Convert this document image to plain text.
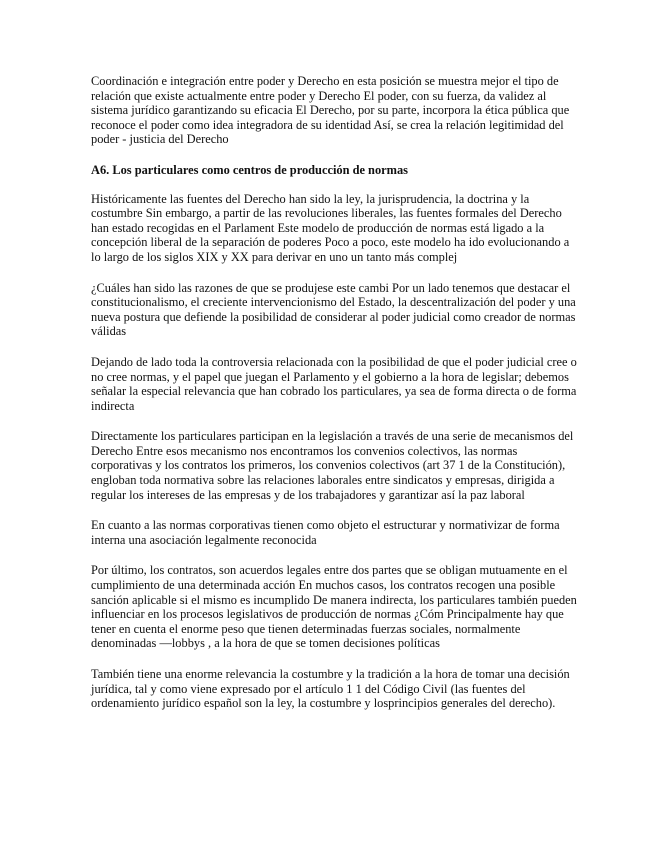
Coordinación e integración entre poder y Derecho en esta posición se muestra mejor el tipo de relación que existe actualmente entre poder y Derecho El poder, con su fuerza, da validez al sistema jurídico garantizando su eficacia El Derecho, por su parte, incorpora la ética pública que reconoce el poder como idea integradora de su identidad Así, se crea la relación legitimidad del poder - justicia del Derecho

A6. Los particulares como centros de producción de normas

Históricamente las fuentes del Derecho han sido la ley, la jurisprudencia, la doctrina y la costumbre Sin embargo, a partir de las revoluciones liberales, las fuentes formales del Derecho han estado recogidas en el Parlament Este modelo de producción de normas está ligado a la concepción liberal de la separación de poderes Poco a poco, este modelo ha ido evolucionando a lo largo de los siglos XIX y XX para derivar en uno un tanto más complej

¿Cuáles han sido las razones de que se produjese este cambi Por un lado tenemos que destacar el constitucionalismo, el creciente intervencionismo del Estado, la descentralización del poder y una nueva postura que defiende la posibilidad de considerar al poder judicial como creador de normas válidas

Dejando de lado toda la controversia relacionada con la posibilidad de que el poder judicial cree o no cree normas, y el papel que juegan el Parlamento y el gobierno a la hora de legislar; debemos señalar la especial relevancia que han cobrado los particulares, ya sea de forma directa o de forma indirecta

Directamente los particulares participan en la legislación a través de una serie de mecanismos del Derecho Entre esos mecanismo nos encontramos los convenios colectivos, las normas corporativas y los contratos los primeros, los convenios colectivos (art 37 1 de la Constitución), engloban toda normativa sobre las relaciones laborales entre sindicatos y empresas, dirigida a regular los intereses de las empresas y de los trabajadores y garantizar así la paz laboral

En cuanto a las normas corporativas tienen como objeto el estructurar y normativizar de forma interna una asociación legalmente reconocida

Por último, los contratos, son acuerdos legales entre dos partes que se obligan mutuamente en el cumplimiento de una determinada acción En muchos casos, los contratos recogen una posible sanción aplicable si el mismo es incumplido De manera indirecta, los particulares también pueden influenciar en los procesos legislativos de producción de normas ¿Cóm Principalmente hay que tener en cuenta el enorme peso que tienen determinadas fuerzas sociales, normalmente denominadas —lobbys , a la hora de que se tomen decisiones políticas

También tiene una enorme relevancia la costumbre y la tradición a la hora de tomar una decisión jurídica, tal y como viene expresado por el artículo 1 1 del Código Civil (las fuentes del ordenamiento jurídico español son la ley, la costumbre y losprincipios generales del derecho).
